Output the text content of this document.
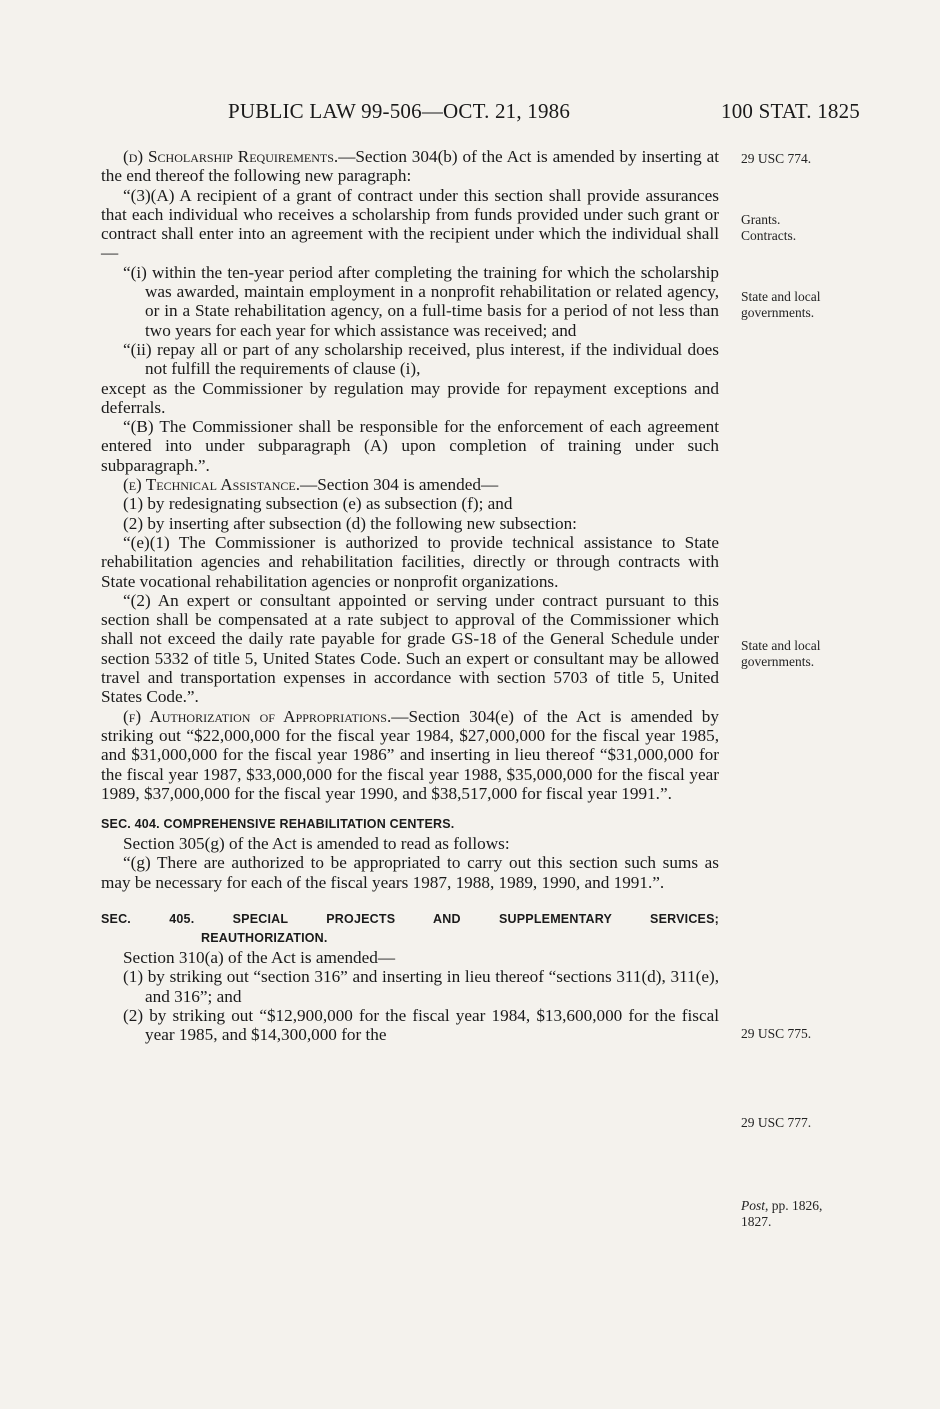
PUBLIC LAW 99-506—OCT. 21, 1986	100 STAT. 1825

(d) Scholarship Requirements.—Section 304(b) of the Act is amended by inserting at the end thereof the following new paragraph:

“(3)(A) A recipient of a grant of contract under this section shall provide assurances that each individual who receives a scholarship from funds provided under such grant or contract shall enter into an agreement with the recipient under which the individual shall—

“(i) within the ten-year period after completing the training for which the scholarship was awarded, maintain employment in a nonprofit rehabilitation or related agency, or in a State rehabilitation agency, on a full-time basis for a period of not less than two years for each year for which assistance was received; and

“(ii) repay all or part of any scholarship received, plus interest, if the individual does not fulfill the requirements of clause (i),

except as the Commissioner by regulation may provide for repayment exceptions and deferrals.

“(B) The Commissioner shall be responsible for the enforcement of each agreement entered into under subparagraph (A) upon completion of training under such subparagraph.”.

(e) Technical Assistance.—Section 304 is amended—

(1) by redesignating subsection (e) as subsection (f); and

(2) by inserting after subsection (d) the following new subsection:

“(e)(1) The Commissioner is authorized to provide technical assistance to State rehabilitation agencies and rehabilitation facilities, directly or through contracts with State vocational rehabilitation agencies or nonprofit organizations.

“(2) An expert or consultant appointed or serving under contract pursuant to this section shall be compensated at a rate subject to approval of the Commissioner which shall not exceed the daily rate payable for grade GS-18 of the General Schedule under section 5332 of title 5, United States Code. Such an expert or consultant may be allowed travel and transportation expenses in accordance with section 5703 of title 5, United States Code.”.

(f) Authorization of Appropriations.—Section 304(e) of the Act is amended by striking out “$22,000,000 for the fiscal year 1984, $27,000,000 for the fiscal year 1985, and $31,000,000 for the fiscal year 1986” and inserting in lieu thereof “$31,000,000 for the fiscal year 1987, $33,000,000 for the fiscal year 1988, $35,000,000 for the fiscal year 1989, $37,000,000 for the fiscal year 1990, and $38,517,000 for fiscal year 1991.”.

SEC. 404. COMPREHENSIVE REHABILITATION CENTERS.

Section 305(g) of the Act is amended to read as follows:

“(g) There are authorized to be appropriated to carry out this section such sums as may be necessary for each of the fiscal years 1987, 1988, 1989, 1990, and 1991.”.

SEC. 405. SPECIAL PROJECTS AND SUPPLEMENTARY SERVICES;

REAUTHORIZATION.

Section 310(a) of the Act is amended—

(1) by striking out “section 316” and inserting in lieu thereof “sections 311(d), 311(e), and 316”; and

(2) by striking out “$12,900,000 for the fiscal year 1984, $13,600,000 for the fiscal year 1985, and $14,300,000 for the

29 USC 774.
Grants.
Contracts.
State and local
governments.
State and local
governments.
29 USC 775.
29 USC 777.
Post, pp. 1826,
1827.
